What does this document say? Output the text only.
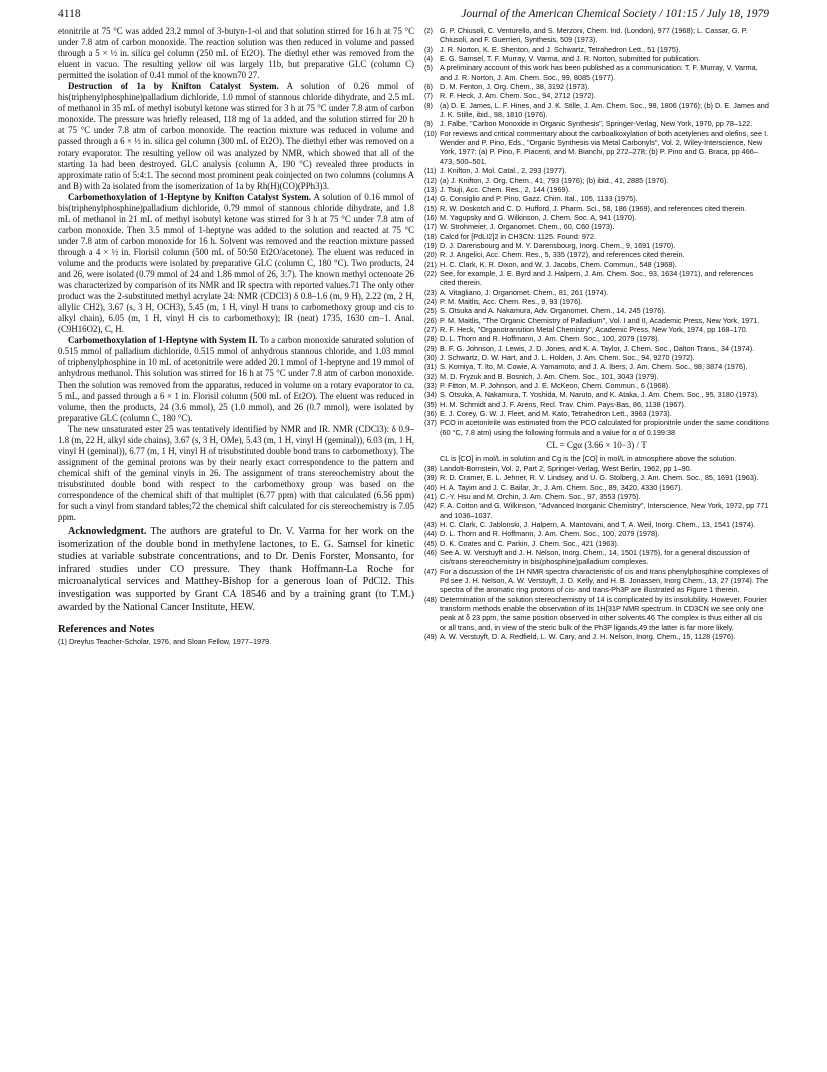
4118	Journal of the American Chemical Society / 101:15 / July 18, 1979

etonitrile at 75 °C was added 23.2 mmol of 3-butyn-1-ol and that solution stirred for 16 h at 75 °C under 7.8 atm of carbon monoxide. The reaction solution was then reduced in volume and passed through a 5 × ½ in. silica gel column (250 mL of Et2O). The diethyl ether was removed from the eluent in vacuo. The resulting yellow oil was largely 11b, but preparative GLC (column C) permitted the isolation of 0.41 mmol of the known70 27.

Destruction of 1a by Knifton Catalyst System. A solution of 0.26 mmol of bis(triphenylphosphine)palladium dichloride, 1.0 mmol of stannous chloride dihydrate, and 2.5 mL of methanol in 35 mL of methyl isobutyl ketone was stirred for 3 h at 75 °C under 7.8 atm of carbon monoxide. The pressure was briefly released, 118 mg of 1a added, and the solution stirred for 20 h at 75 °C under 7.8 atm of carbon monoxide. The reaction mixture was reduced in volume and passed through a 6 × ½ in. silica gel column (300 mL of Et2O). The diethyl ether was removed on a rotary evaporator. The resulting yellow oil was analyzed by NMR, which showed that all of the starting 1a had been destroyed. GLC analysis (column A, 190 °C) revealed three products in approximate ratio of 5:4:1. The second most prominent peak coinjected on two columns (columns A and B) with 2a isolated from the isomerization of 1a by Rh(H)(CO)(PPh3)3.

Carbomethoxylation of 1-Heptyne by Knifton Catalyst System. A solution of 0.16 mmol of bis(triphenylphosphine)palladium dichloride, 0.79 mmol of stannous chloride dihydrate, and 1.8 mL of methanol in 21 mL of methyl isobutyl ketone was stirred for 3 h at 75 °C under 7.8 atm of carbon monoxide. Then 3.5 mmol of 1-heptyne was added to the solution and reacted at 75 °C under 7.8 atm of carbon monoxide for 16 h. Solvent was removed and the reaction mixture passed through a 4 × ½ in. Florisil column (500 mL of 50:50 Et2O/acetone). The eluent was reduced in volume and the products were isolated by preparative GLC (column C, 180 °C). Two products, 24 and 26, were isolated (0.79 mmol of 24 and 1.86 mmol of 26, 3:7). The known methyl octenoate 26 was characterized by comparison of its NMR and IR spectra with reported values.71 The only other product was the 2-substituted methyl acrylate 24: NMR (CDCl3) δ 0.8–1.6 (m, 9 H), 2.22 (m, 2 H, allylic CH2), 3.67 (s, 3 H, OCH3), 5.45 (m, 1 H, vinyl H trans to carbomethoxy group and cis to alkyl chain), 6.05 (m, 1 H, vinyl H cis to carbomethoxy); IR (neat) 1735, 1630 cm−1. Anal. (C9H16O2), C, H.

Carbomethoxylation of 1-Heptyne with System II. To a carbon monoxide saturated solution of 0.515 mmol of palladium dichloride, 0.515 mmol of anhydrous stannous chloride, and 1.03 mmol of triphenylphosphine in 10 mL of acetonitrile were added 20.1 mmol of 1-heptyne and 19 mmol of anhydrous methanol. This solution was stirred for 16 h at 75 °C under 7.8 atm of carbon monoxide. Then the solution was removed from the apparatus, reduced in volume on a rotary evaporator to ca. 5 mL, and passed through a 6 × 1 in. Florisil column (500 mL of Et2O). The eluent was reduced in volume, then the products, 24 (3.6 mmol), 25 (1.0 mmol), and 26 (0.7 mmol), were isolated by preparative GLC (column C, 180 °C).

The new unsaturated ester 25 was tentatively identified by NMR and IR. NMR (CDCl3): δ 0.9–1.8 (m, 22 H, alkyl side chains), 3.67 (s, 3 H, OMe), 5.43 (m, 1 H, vinyl H (geminal)), 6.03 (m, 1 H, vinyl H (geminal)), 6.77 (m, 1 H, vinyl H of trisubstituted double bond trans to carbomethoxy). The assignment of the geminal protons was by their nearly exact correspondence to the pattern and chemical shift of the geminal vinyls in 26. The assignment of trans stereochemistry about the trisubstituted double bond with respect to the carbomethoxy group was based on the correspondence of the chemical shift of that multiplet (6.77 ppm) with that calculated (6.56 ppm) for such a vinyl from standard tables;72 the chemical shift calculated for cis stereochemistry is 7.05 ppm.

Acknowledgment. The authors are grateful to Dr. V. Varma for her work on the isomerization of the double bond in methylene lactones, to E. G. Samsel for kinetic studies at variable substrate concentrations, and to Dr. Denis Forster, Monsanto, for infrared studies under CO pressure. They thank Hoffmann-La Roche for microanalytical services and Matthey-Bishop for a generous loan of PdCl2. This investigation was supported by Grant CA 18546 and by a training grant (to T.M.) awarded by the National Cancer Institute, HEW.

References and Notes
(1) Dreyfus Teacher-Scholar, 1976, and Sloan Fellow, 1977–1979.
(2) G. P. Chiusoli, C. Venturello, and S. Merzoni, Chem. Ind. (London), 977 (1968); L. Cassar, G. P. Chiusoli, and F. Guerrieri, Synthesis, 509 (1973).
(3) J. R. Norton, K. E. Shenton, and J. Schwartz, Tetrahedron Lett., 51 (1975).
(4) E. G. Samsel, T. F. Murray, V. Varma, and J. R. Norton, submitted for publication.
(5) A preliminary account of this work has been published as a communication: T. F. Murray, V. Varma, and J. R. Norton, J. Am. Chem. Soc., 99, 8085 (1977).
(6) D. M. Fenton, J. Org. Chem., 38, 3192 (1973).
(7) R. F. Heck, J. Am. Chem. Soc., 94, 2712 (1972).
(8) (a) D. E. James, L. F. Hines, and J. K. Stille, J. Am. Chem. Soc., 98, 1806 (1976); (b) D. E. James and J. K. Stille, ibid., 98, 1810 (1976).
(9) J. Falbe, "Carbon Monoxide in Organic Synthesis", Springer-Verlag, New York, 1970, pp 78–122.
(10) For reviews and critical commentary about the carboalkoxylation of both acetylenes and olefins, see I. Wender and P. Pino, Eds., "Organic Synthesis via Metal Carbonyls", Vol. 2, Wiley-Interscience, New York, 1977: (a) P. Pino, F. Piacenti, and M. Bianchi, pp 272–278; (b) P. Pino and G. Braca, pp 466–473, 500–501.
(11) J. Knifton, J. Mol. Catal., 2, 293 (1977).
(12) (a) J. Knifton, J. Org. Chem., 41, 793 (1976); (b) ibid., 41, 2885 (1976).
(13) J. Tsuji, Acc. Chem. Res., 2, 144 (1969).
(14) G. Consiglio and P. Pino, Gazz. Chim. Ital., 105, 1133 (1975).
(15) R. W. Doskotch and C. D. Hufford, J. Pharm. Sci., 58, 186 (1969), and references cited therein.
(16) M. Yagupsky and G. Wilkinson, J. Chem. Soc. A, 941 (1970).
(17) W. Strohmeier, J. Organomet. Chem., 60, C60 (1973).
(18) Calcd for [PdLI2]2 in CH3CN: 1125. Found: 972.
(19) D. J. Darensbourg and M. Y. Darensbourg, Inorg. Chem., 9, 1691 (1970).
(20) R. J. Angelici, Acc. Chem. Res., 5, 335 (1972), and references cited therein.
(21) H. C. Clark, K. R. Dixon, and W. J. Jacobs, Chem. Commun., 548 (1968).
(22) See, for example, J. E. Byrd and J. Halpern, J. Am. Chem. Soc., 93, 1634 (1971), and references cited therein.
(23) A. Vitagliano, J. Organomet. Chem., 81, 261 (1974).
(24) P. M. Maitlis, Acc. Chem. Res., 9, 93 (1976).
(25) S. Otsuka and A. Nakamura, Adv. Organomet. Chem., 14, 245 (1976).
(26) P. M. Maitlis, "The Organic Chemistry of Palladium", Vol. I and II, Academic Press, New York, 1971.
(27) R. F. Heck, "Organotransition Metal Chemistry", Academic Press, New York, 1974, pp 168–170.
(28) D. L. Thorn and R. Hoffmann, J. Am. Chem. Soc., 100, 2079 (1978).
(29) B. F. G. Johnson, J. Lewis, J. D. Jones, and K. A. Taylor, J. Chem. Soc., Dalton Trans., 34 (1974).
(30) J. Schwartz, D. W. Hart, and J. L. Holden, J. Am. Chem. Soc., 94, 9270 (1972).
(31) S. Komiya, T. Ito, M. Cowie, A. Yamamoto, and J. A. Ibers, J. Am. Chem. Soc., 98, 3874 (1976).
(32) M. D. Fryzuk and B. Bosnich, J. Am. Chem. Soc., 101, 3043 (1979).
(33) P. Fitton, M. P. Johnson, and J. E. McKeon, Chem. Commun., 6 (1968).
(34) S. Otsuka, A. Nakamura, T. Yoshida, M. Naruto, and K. Ataka, J. Am. Chem. Soc., 95, 3180 (1973).
(35) H. M. Schmidt and J. F. Arens, Recl. Trav. Chim. Pays-Bas, 86, 1138 (1967).
(36) E. J. Corey, G. W. J. Fleet, and M. Kato, Tetrahedron Lett., 3963 (1973).
(37) PCO in acetonitrile was estimated from the PCO calculated for propionitrile under the same conditions (60 °C, 7.8 atm) using the following formula and a value for α of 0.199:38
CL = Cgα (3.66 × 10−3) / T
CL is [CO] in mol/L in solution and Cg is the [CO] in mol/L in atmosphere above the solution.
(38) Landolt-Bornstein, Vol. 2, Part 2, Springer-Verlag, West Berlin, 1962, pp 1–90.
(39) R. D. Cramer, E. L. Jehner, R. V. Lindsey, and U. G. Stolberg, J. Am. Chem. Soc., 85, 1691 (1963).
(40) H. A. Tayim and J. C. Bailar, Jr., J. Am. Chem. Soc., 89, 3420, 4330 (1967).
(41) C.-Y. Hsu and M. Orchin, J. Am. Chem. Soc., 97, 3553 (1975).
(42) F. A. Cotton and G. Wilkinson, "Advanced Inorganic Chemistry", Interscience, New York, 1972, pp 771 and 1036–1037.
(43) H. C. Clark, C. Jablonski, J. Halpern, A. Mantovani, and T. A. Weil, Inorg. Chem., 13, 1541 (1974).
(44) D. L. Thorn and R. Hoffmann, J. Am. Chem. Soc., 100, 2079 (1978).
(45) D. K. Coates and C. Parkin, J. Chem. Soc., 421 (1963).
(46) See A. W. Verstuyft and J. H. Nelson, Inorg. Chem., 14, 1501 (1975), for a general discussion of cis/trans stereochemistry in bis(phosphine)palladium complexes.
(47) For a discussion of the 1H NMR spectra characteristic of cis and trans phenylphosphine complexes of Pd see J. H. Nelson, A. W. Verstuyft, J. D. Kelly, and H. B. Jonassen, Inorg Chem., 13, 27 (1974). The spectra of the aromatic ring protons of cis- and trans-Ph3P are illustrated as Figure 1 therein.
(48) Determination of the solution stereochemistry of 14 is complicated by its insolubility. However, Fourier transform methods enable the observation of its 1H{31P NMR spectrum. In CD3CN we see only one peak at δ 23 ppm, the same position observed in other solvents.46 The complex is thus either all cis or all trans, and, in view of the steric bulk of the Ph3P ligands,49 the latter is far more likely.
(49) A. W. Verstuyft, D. A. Redfield, L. W. Cary, and J. H. Nelson, Inorg. Chem., 15, 1128 (1976).
